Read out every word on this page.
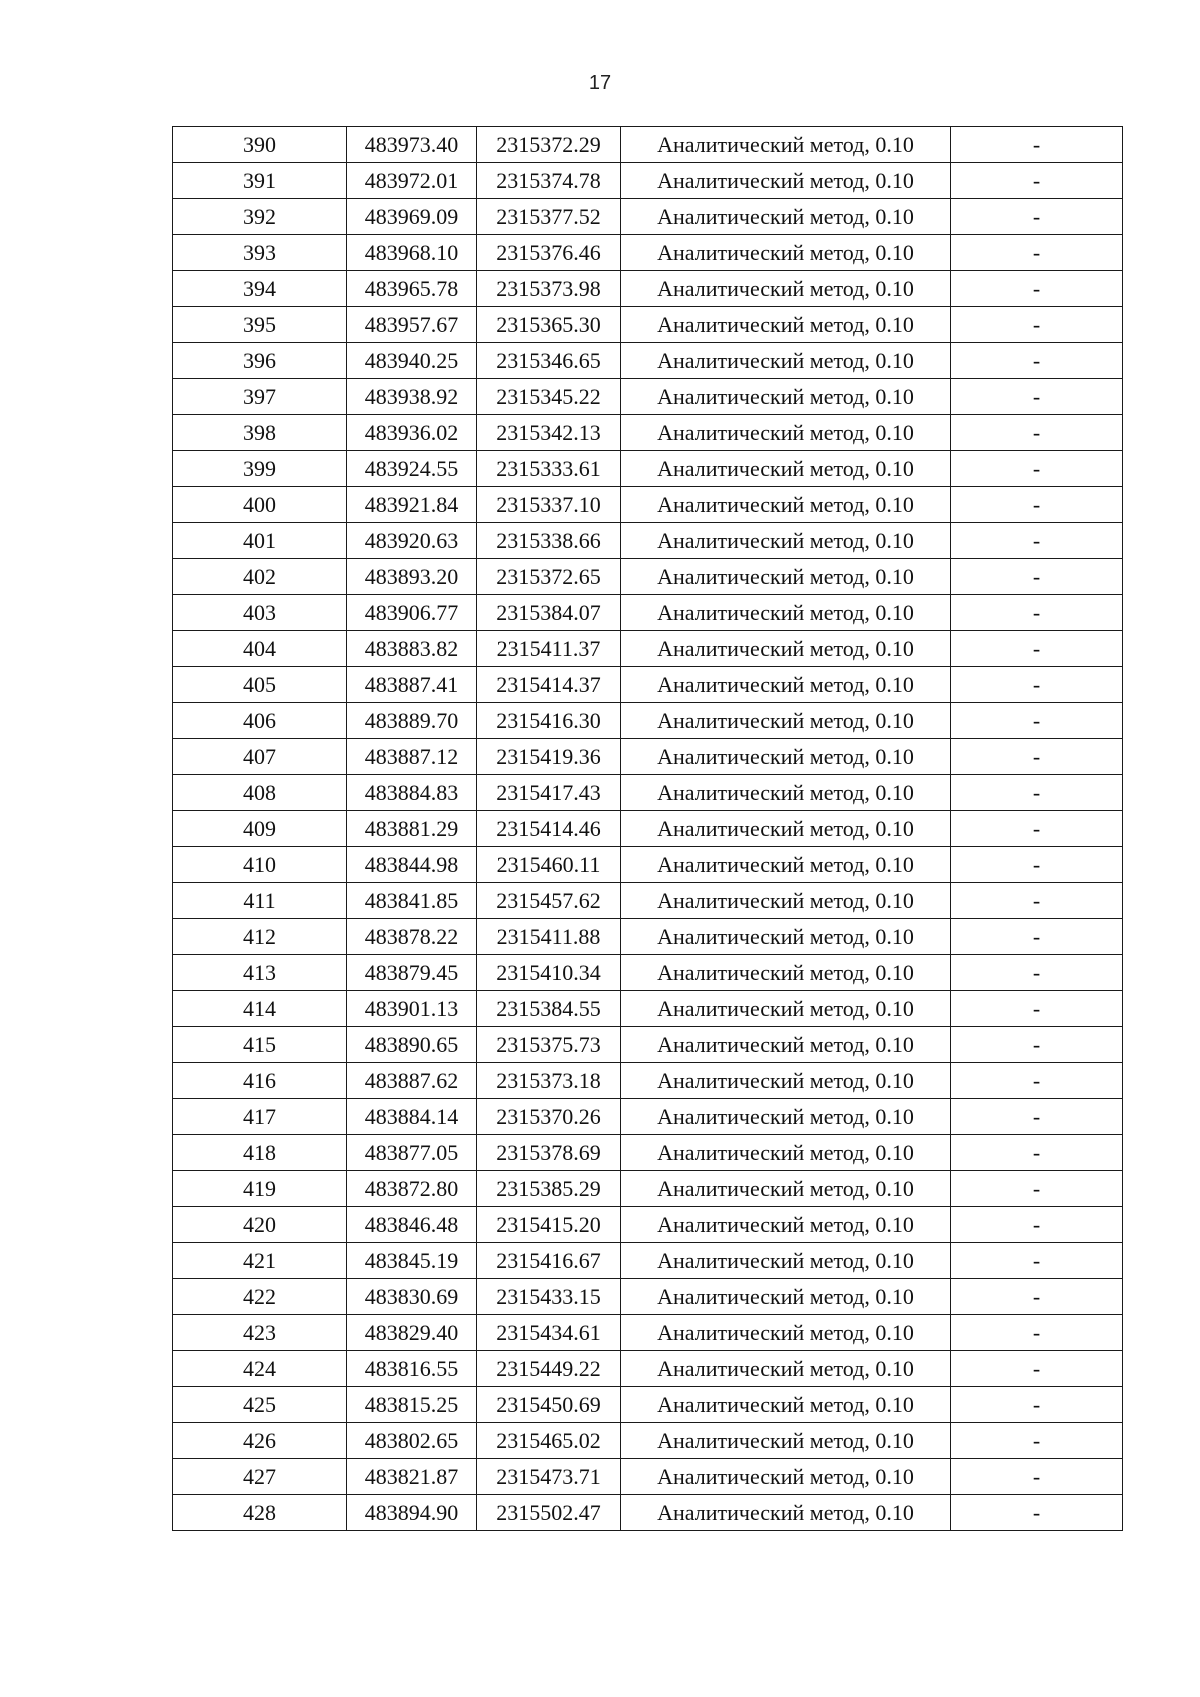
17
390	483973.40	2315372.29	Аналитический метод, 0.10	-
391	483972.01	2315374.78	Аналитический метод, 0.10	-
392	483969.09	2315377.52	Аналитический метод, 0.10	-
393	483968.10	2315376.46	Аналитический метод, 0.10	-
394	483965.78	2315373.98	Аналитический метод, 0.10	-
395	483957.67	2315365.30	Аналитический метод, 0.10	-
396	483940.25	2315346.65	Аналитический метод, 0.10	-
397	483938.92	2315345.22	Аналитический метод, 0.10	-
398	483936.02	2315342.13	Аналитический метод, 0.10	-
399	483924.55	2315333.61	Аналитический метод, 0.10	-
400	483921.84	2315337.10	Аналитический метод, 0.10	-
401	483920.63	2315338.66	Аналитический метод, 0.10	-
402	483893.20	2315372.65	Аналитический метод, 0.10	-
403	483906.77	2315384.07	Аналитический метод, 0.10	-
404	483883.82	2315411.37	Аналитический метод, 0.10	-
405	483887.41	2315414.37	Аналитический метод, 0.10	-
406	483889.70	2315416.30	Аналитический метод, 0.10	-
407	483887.12	2315419.36	Аналитический метод, 0.10	-
408	483884.83	2315417.43	Аналитический метод, 0.10	-
409	483881.29	2315414.46	Аналитический метод, 0.10	-
410	483844.98	2315460.11	Аналитический метод, 0.10	-
411	483841.85	2315457.62	Аналитический метод, 0.10	-
412	483878.22	2315411.88	Аналитический метод, 0.10	-
413	483879.45	2315410.34	Аналитический метод, 0.10	-
414	483901.13	2315384.55	Аналитический метод, 0.10	-
415	483890.65	2315375.73	Аналитический метод, 0.10	-
416	483887.62	2315373.18	Аналитический метод, 0.10	-
417	483884.14	2315370.26	Аналитический метод, 0.10	-
418	483877.05	2315378.69	Аналитический метод, 0.10	-
419	483872.80	2315385.29	Аналитический метод, 0.10	-
420	483846.48	2315415.20	Аналитический метод, 0.10	-
421	483845.19	2315416.67	Аналитический метод, 0.10	-
422	483830.69	2315433.15	Аналитический метод, 0.10	-
423	483829.40	2315434.61	Аналитический метод, 0.10	-
424	483816.55	2315449.22	Аналитический метод, 0.10	-
425	483815.25	2315450.69	Аналитический метод, 0.10	-
426	483802.65	2315465.02	Аналитический метод, 0.10	-
427	483821.87	2315473.71	Аналитический метод, 0.10	-
428	483894.90	2315502.47	Аналитический метод, 0.10	-
